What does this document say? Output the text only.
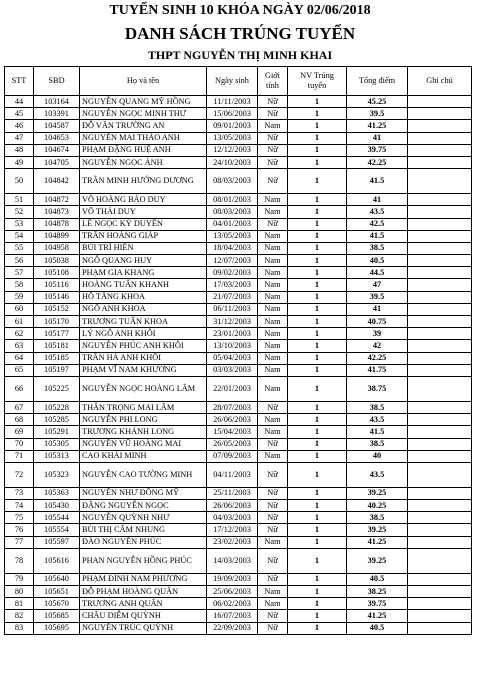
TUYỂN SINH 10 KHÓA NGÀY 02/06/2018
DANH SÁCH TRÚNG TUYỂN
THPT NGUYỄN THỊ MINH KHAI
STT	SBD	Họ và tên	Ngày sinh	Giới tính	NV Trúng tuyển	Tổng điểm	Ghi chú
44	103164	NGUYỄN QUANG MỸ HỒNG	11/11/2003	Nữ	1	45.25	
45	103391	NGUYỄN NGỌC MINH THƯ	15/06/2003	Nữ	1	39.5	
46	104587	ĐỖ VĂN TRƯỜNG AN	09/01/2003	Nam	1	41.25	
47	104653	NGUYỄN MAI THẢO ANH	13/05/2003	Nữ	1	41	
48	104674	PHẠM ĐẶNG HUỆ ANH	12/12/2003	Nữ	1	39.75	
49	104705	NGUYỄN NGỌC ÁNH	24/10/2003	Nữ	1	42.25	
50	104842	TRẦN MINH HƯỚNG DƯƠNG	08/03/2003	Nữ	1	41.5	
51	104872	VÕ HOÀNG BẢO DUY	08/01/2003	Nam	1	41	
52	104873	VÕ THÁI DUY	08/03/2003	Nam	1	43.5	
53	104878	LÊ NGỌC KỲ DUYÊN	04/01/2003	Nữ	1	42.5	
54	104899	TRẦN HOÀNG GIÁP	13/05/2003	Nam	1	41.5	
55	104958	BÙI TRÍ HIỀN	18/04/2003	Nam	1	38.5	
56	105038	NGÔ QUANG HUY	12/07/2003	Nam	1	40.5	
57	105108	PHẠM GIA KHANG	09/02/2003	Nam	1	44.5	
58	105116	HOÀNG TUẤN KHANH	17/03/2003	Nam	1	47	
59	105146	HỒ TĂNG KHOA	21/07/2003	Nam	1	39.5	
60	105152	NGÔ ANH KHOA	06/11/2003	Nam	1	41	
61	105170	TRƯƠNG TUẤN KHOA	31/12/2003	Nam	1	40.75	
62	105177	LÝ NGÔ ANH KHÔI	23/01/2003	Nam	1	39	
63	105181	NGUYỄN PHÚC ANH KHÔI	13/10/2003	Nam	1	42	
64	105185	TRẦN HÀ ANH KHÔI	05/04/2003	Nam	1	42.25	
65	105197	PHẠM VĨ NAM KHƯƠNG	03/03/2003	Nam	1	41.75	
66	105225	NGUYỄN NGỌC HOÀNG LÂM	22/01/2003	Nam	1	38.75	
67	105228	THÂN TRỌNG MAI LÂM	28/07/2003	Nữ	1	38.5	
68	105285	NGUYỄN PHI LONG	26/06/2003	Nam	1	43.5	
69	105291	TRƯƠNG KHÁNH LONG	15/04/2003	Nam	1	41.5	
70	105305	NGUYỄN VŨ HOÀNG MAI	26/05/2003	Nữ	1	38.5	
71	105313	CAO KHẢI MINH	07/09/2003	Nam	1	40	
72	105323	NGUYỄN CAO TƯỜNG MINH	04/11/2003	Nữ	1	43.5	
73	105363	NGUYỄN NHƯ ĐỒNG MỸ	25/11/2003	Nữ	1	39.25	
74	105430	ĐẶNG NGUYỄN NGỌC	26/06/2003	Nữ	1	40.25	
75	105544	NGUYỄN QUỲNH NHƯ	04/03/2003	Nữ	1	38.5	
76	105554	BÙI THỊ CẨM NHUNG	17/12/2003	Nữ	1	39.25	
77	105597	ĐÀO NGUYỄN PHÚC	23/02/2003	Nam	1	41.25	
78	105616	PHAN NGUYỄN HỒNG PHÚC	14/03/2003	Nữ	1	39.25	
79	105640	PHẠM ĐÌNH NAM PHƯƠNG	19/09/2003	Nữ	1	40.5	
80	105651	ĐỖ PHẠM HOÀNG QUÂN	25/06/2003	Nam	1	38.25	
81	105670	TRƯƠNG ANH QUÂN	06/02/2003	Nam	1	39.75	
82	105685	CHÂU DIỄM QUỲNH	16/07/2003	Nữ	1	41.25	
83	105695	NGUYỄN TRÚC QUỲNH	22/09/2003	Nữ	1	40.5	
